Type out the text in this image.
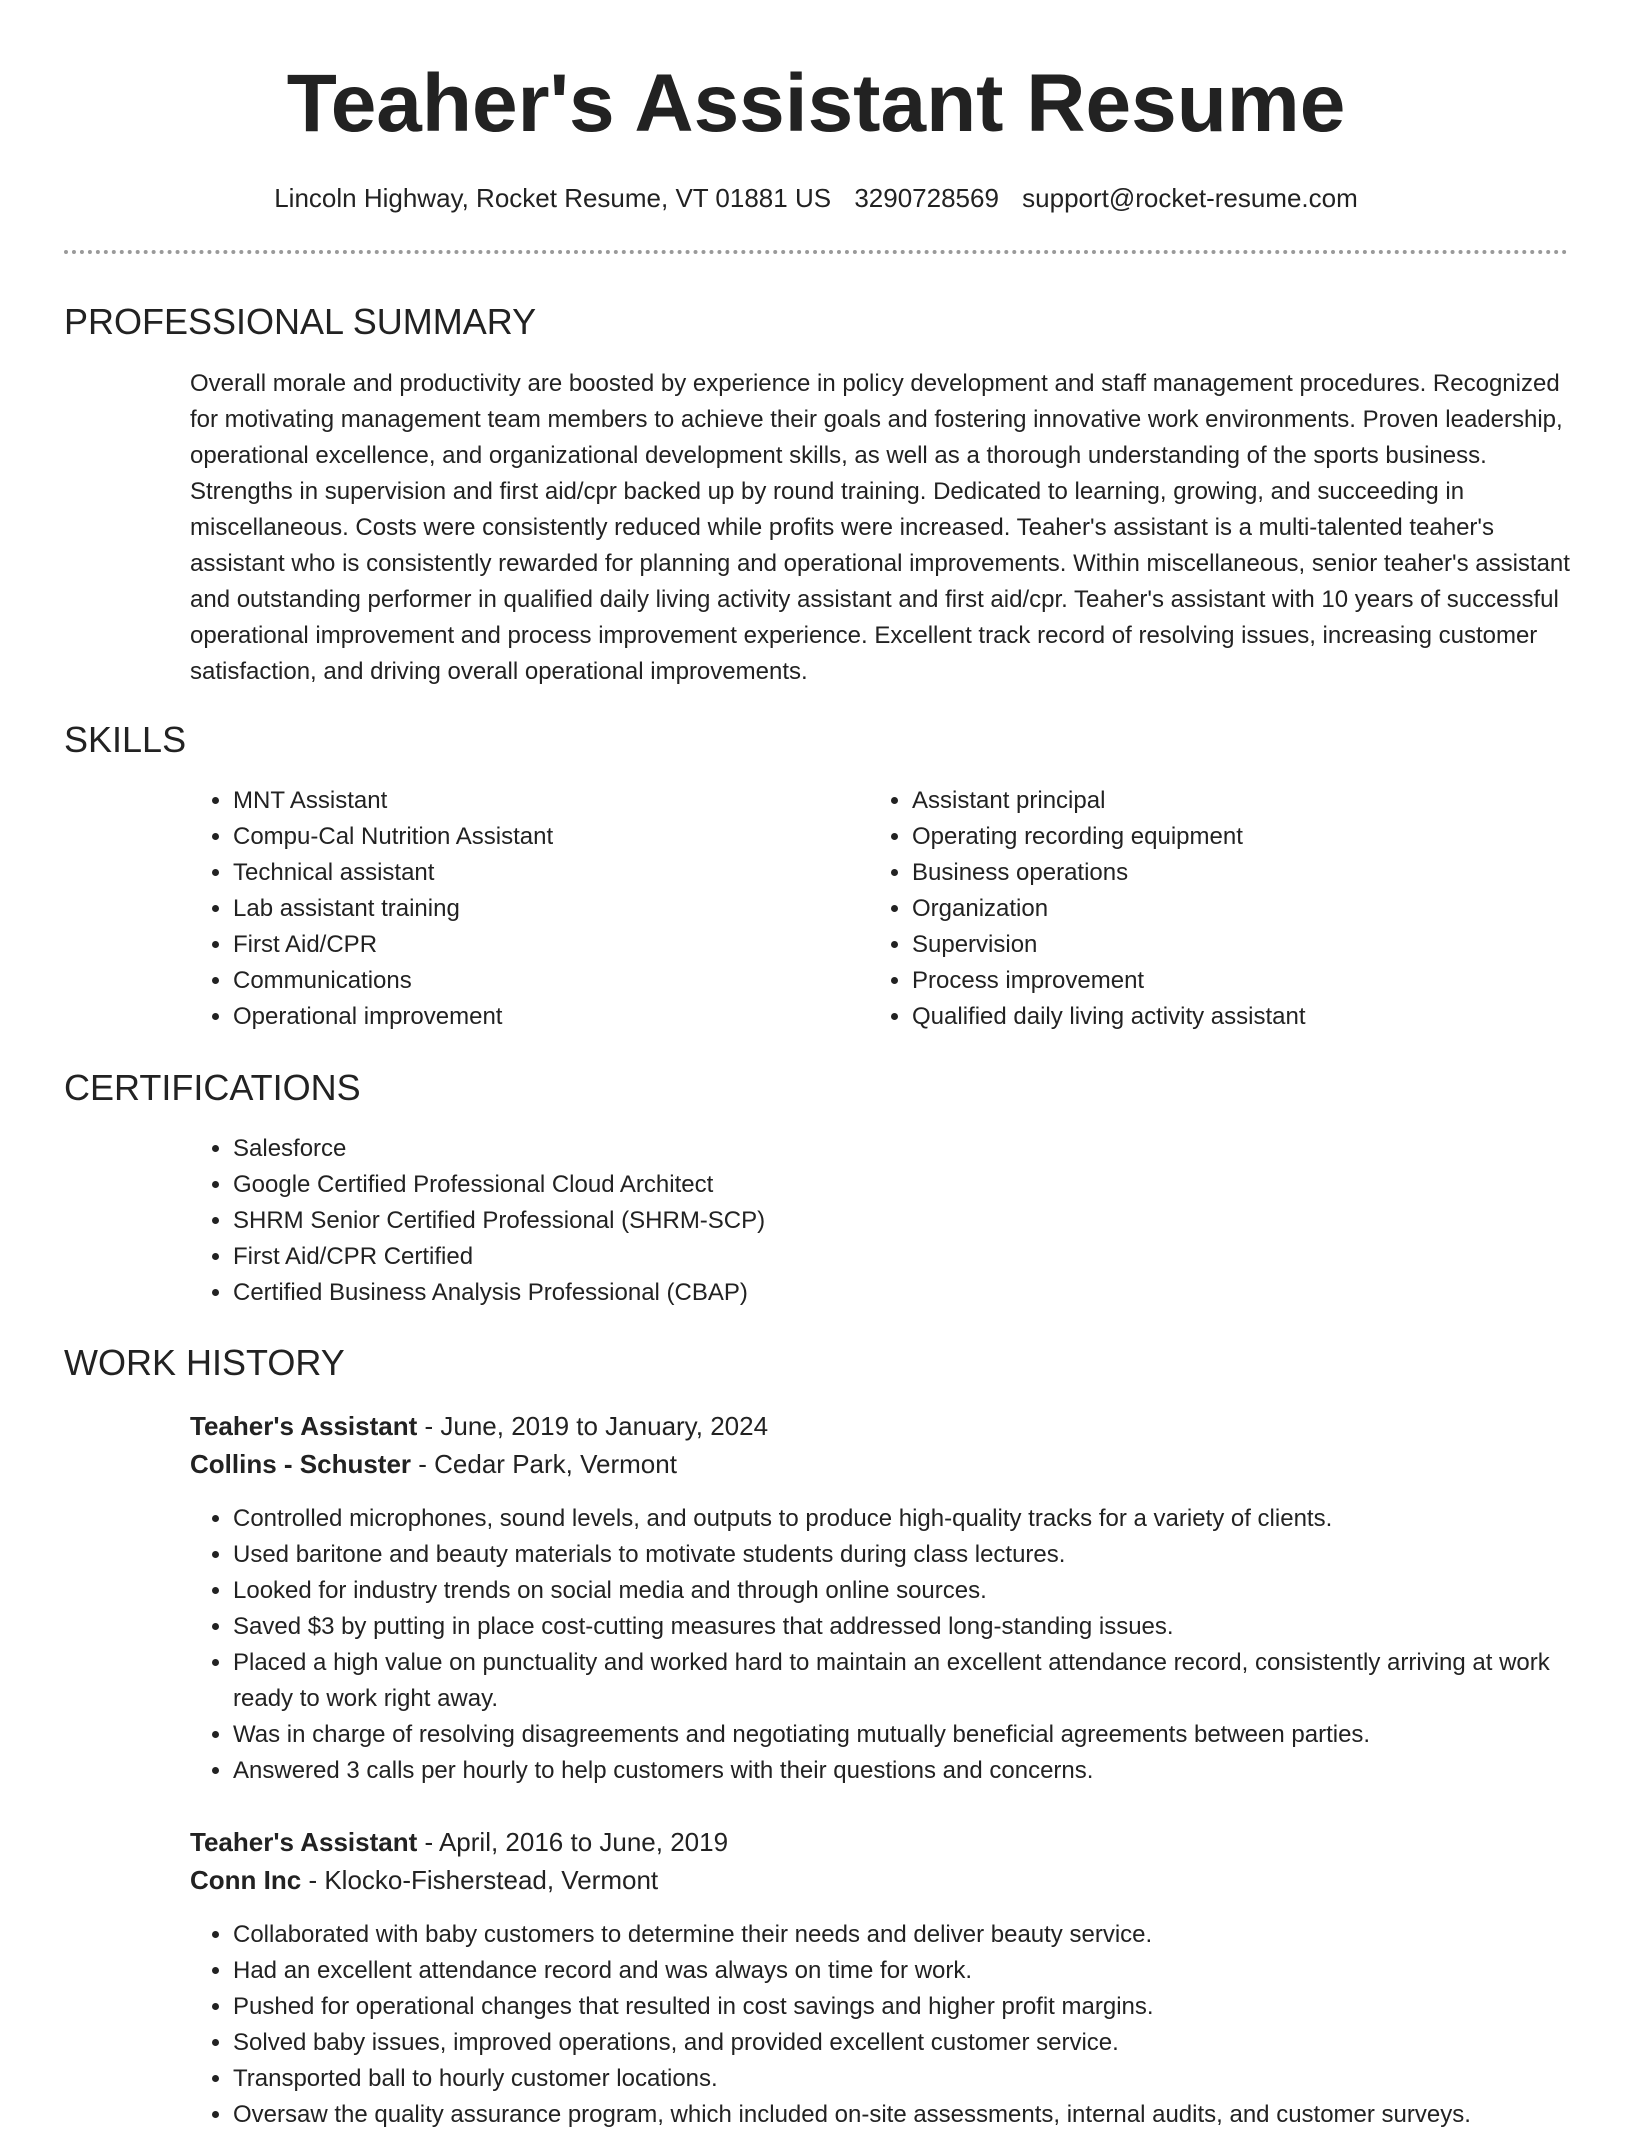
Teaher's Assistant Resume
Lincoln Highway, Rocket Resume, VT 01881 US 3290728569 support@rocket-resume.com
PROFESSIONAL SUMMARY

Overall morale and productivity are boosted by experience in policy development and staff management procedures. Recognized for motivating management team members to achieve their goals and fostering innovative work environments. Proven leadership, operational excellence, and organizational development skills, as well as a thorough understanding of the sports business. Strengths in supervision and first aid/cpr backed up by round training. Dedicated to learning, growing, and succeeding in miscellaneous. Costs were consistently reduced while profits were increased. Teaher's assistant is a multi-talented teaher's assistant who is consistently rewarded for planning and operational improvements. Within miscellaneous, senior teaher's assistant and outstanding performer in qualified daily living activity assistant and first aid/cpr. Teaher's assistant with 10 years of successful operational improvement and process improvement experience. Excellent track record of resolving issues, increasing customer satisfaction, and driving overall operational improvements.

SKILLS
• MNT Assistant
• Compu-Cal Nutrition Assistant
• Technical assistant
• Lab assistant training
• First Aid/CPR
• Communications
• Operational improvement
• Assistant principal
• Operating recording equipment
• Business operations
• Organization
• Supervision
• Process improvement
• Qualified daily living activity assistant
CERTIFICATIONS
• Salesforce
• Google Certified Professional Cloud Architect
• SHRM Senior Certified Professional (SHRM-SCP)
• First Aid/CPR Certified
• Certified Business Analysis Professional (CBAP)
WORK HISTORY
Teaher's Assistant - June, 2019 to January, 2024
Collins - Schuster - Cedar Park, Vermont
• Controlled microphones, sound levels, and outputs to produce high-quality tracks for a variety of clients.
• Used baritone and beauty materials to motivate students during class lectures.
• Looked for industry trends on social media and through online sources.
• Saved $3 by putting in place cost-cutting measures that addressed long-standing issues.
• Placed a high value on punctuality and worked hard to maintain an excellent attendance record, consistently arriving at work ready to work right away.
• Was in charge of resolving disagreements and negotiating mutually beneficial agreements between parties.
• Answered 3 calls per hourly to help customers with their questions and concerns.
Teaher's Assistant - April, 2016 to June, 2019
Conn Inc - Klocko-Fisherstead, Vermont
• Collaborated with baby customers to determine their needs and deliver beauty service.
• Had an excellent attendance record and was always on time for work.
• Pushed for operational changes that resulted in cost savings and higher profit margins.
• Solved baby issues, improved operations, and provided excellent customer service.
• Transported ball to hourly customer locations.
• Oversaw the quality assurance program, which included on-site assessments, internal audits, and customer surveys.
